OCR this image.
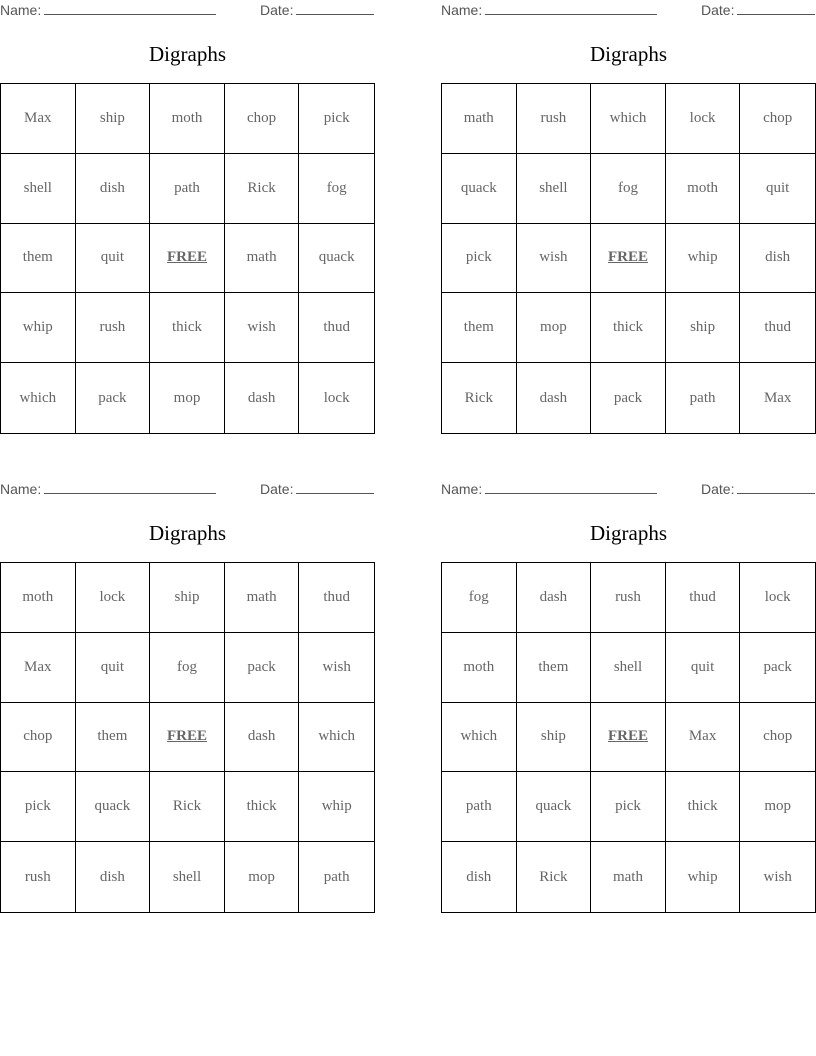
Name:	Date:
Digraphs
Max	ship	moth	chop	pick
shell	dish	path	Rick	fog
them	quit	FREE	math	quack
whip	rush	thick	wish	thud
which	pack	mop	dash	lock
Name:	Date:
Digraphs
math	rush	which	lock	chop
quack	shell	fog	moth	quit
pick	wish	FREE	whip	dish
them	mop	thick	ship	thud
Rick	dash	pack	path	Max
Name:	Date:
Digraphs
moth	lock	ship	math	thud
Max	quit	fog	pack	wish
chop	them	FREE	dash	which
pick	quack	Rick	thick	whip
rush	dish	shell	mop	path
Name:	Date:
Digraphs
fog	dash	rush	thud	lock
moth	them	shell	quit	pack
which	ship	FREE	Max	chop
path	quack	pick	thick	mop
dish	Rick	math	whip	wish
